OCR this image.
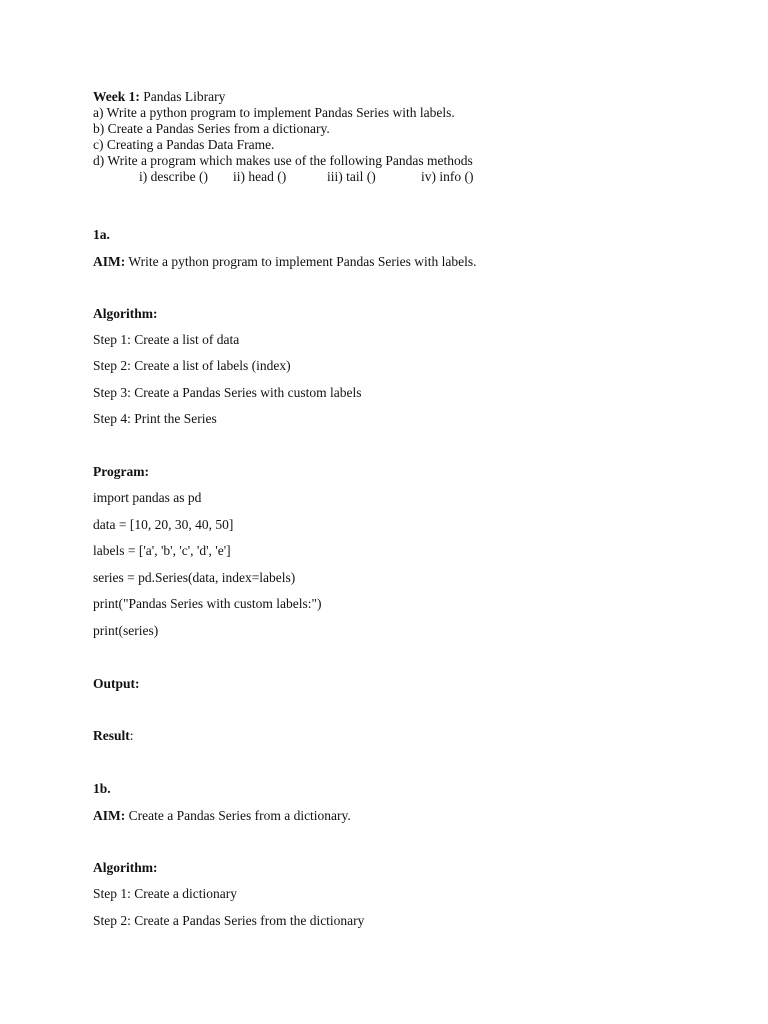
Week 1: Pandas Library
a) Write a python program to implement Pandas Series with labels.
b) Create a Pandas Series from a dictionary.
c) Creating a Pandas Data Frame.
d) Write a program which makes use of the following Pandas methods
i) describe ()	ii) head ()	iii) tail ()	iv) info ()
1a.
AIM: Write a python program to implement Pandas Series with labels.
Algorithm:
Step 1: Create a list of data
Step 2: Create a list of labels (index)
Step 3: Create a Pandas Series with custom labels
Step 4: Print the Series
Program:
import pandas as pd
data = [10, 20, 30, 40, 50]
labels = ['a', 'b', 'c', 'd', 'e']
series = pd.Series(data, index=labels)
print("Pandas Series with custom labels:")
print(series)
Output:
Result:
1b.
AIM: Create a Pandas Series from a dictionary.
Algorithm:
Step 1: Create a dictionary
Step 2: Create a Pandas Series from the dictionary
